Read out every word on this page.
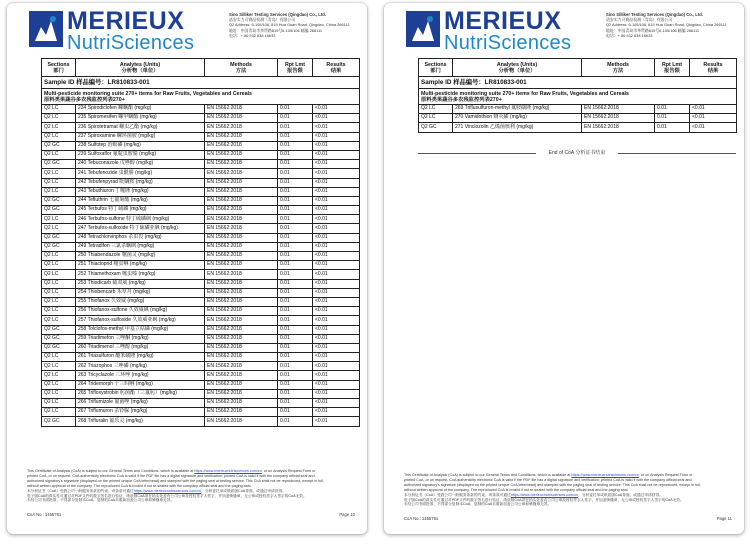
MERIEUX
NutriSciences
Sino Silliker Testing Services (Qingdao) Co., Ltd.
诺安实力可商品检测（青岛）有限公司
Q2 Address: 6-105/106, 819 Hua Guan Road, Qingdao, China 266111
地址：中国青岛市华贯路819号6-105/106 邮编 266111
电话：+ 86 532 838 16633
Sections
部门	Analytes (Units)
分析物（单位）	Methods
方法	Rpt Lmt
报告限	Results
结果
Sample ID 样品编号：LR810833-001				
Multi-pesticide monitoring suite 270+ items for Raw Fruits, Vegetables and Cereals
原料类果蔬谷多农残监控列表270+				
Q2 LC	234 Spirodiclofen 螺螨酯 (mg/kg)	EN 15662:2018	0.01	<0.01
Q2 LC	235 Spiromesifen 螺甲螨酯 (mg/kg)	EN 15662:2018	0.01	<0.01
Q2 LC	236 Spirotetramat 螺虫乙酯 (mg/kg)	EN 15662:2018	0.01	<0.01
Q2 LC	237 Spiroxamine 螺环菌胺 (mg/kg)	EN 15662:2018	0.01	<0.01
Q2 GC	238 Sulfotep 治螟磷 (mg/kg)	EN 15662:2018	0.01	<0.01
Q2 LC	239 Sulfoxaflor 氟啶虫胺腈 (mg/kg)	EN 15662:2018	0.01	<0.01
Q2 GC	240 Tebuconazole 戊唑醇 (mg/kg)	EN 15662:2018	0.01	<0.01
Q2 LC	241 Tebufenozide 虫酰肼 (mg/kg)	EN 15662:2018	0.01	<0.01
Q2 LC	242 Tebufenpyrad 吡螨胺 (mg/kg)	EN 15662:2018	0.01	<0.01
Q2 LC	243 Tebuthiuron 丁噻隆 (mg/kg)	EN 15662:2018	0.01	<0.01
Q2 GC	244 Tefluthrin 七氟菊酯 (mg/kg)	EN 15662:2018	0.01	<0.01
Q2 GC	245 Terbufos 特丁硫磷 (mg/kg)	EN 15662:2018	0.01	<0.01
Q2 LC	246 Terbufos-sulfone 特丁硫磷砜 (mg/kg)	EN 15662:2018	0.01	<0.01
Q2 LC	247 Terbufos-sulfoxide 特丁硫磷亚砜 (mg/kg)	EN 15662:2018	0.01	<0.01
Q2 GC	248 Tetrachlorvinphos 杀虫畏 (mg/kg)	EN 15662:2018	0.01	<0.01
Q2 GC	249 Tetradifon 三氯杀螨砜 (mg/kg)	EN 15662:2018	0.01	<0.01
Q2 LC	250 Thiabendazole 噻菌灵 (mg/kg)	EN 15662:2018	0.01	<0.01
Q2 LC	251 Thiacloprid 噻虫啉 (mg/kg)	EN 15662:2018	0.01	<0.01
Q2 LC	252 Thiamethoxam 噻虫嗪 (mg/kg)	EN 15662:2018	0.01	<0.01
Q2 LC	253 Thiodicarb 硫双威 (mg/kg)	EN 15662:2018	0.01	<0.01
Q2 LC	254 Thiobencarb 禾草丹 (mg/kg)	EN 15662:2018	0.01	<0.01
Q2 LC	255 Thiofanox 久效威 (mg/kg)	EN 15662:2018	0.01	<0.01
Q2 LC	256 Thiofanox-sulfone 久效威砜 (mg/kg)	EN 15662:2018	0.01	<0.01
Q2 LC	257 Thiofanox-sulfoxide 久效威亚砜 (mg/kg)	EN 15662:2018	0.01	<0.01
Q2 GC	258 Tolclofos-methyl 甲基立枯磷 (mg/kg)	EN 15662:2018	0.01	<0.01
Q2 GC	259 Triadimefon 三唑酮 (mg/kg)	EN 15662:2018	0.01	<0.01
Q2 GC	260 Triadimenol 三唑醇 (mg/kg)	EN 15662:2018	0.01	<0.01
Q2 LC	261 Triasulfuron 醚苯磺隆 (mg/kg)	EN 15662:2018	0.01	<0.01
Q2 LC	262 Triazophos 三唑磷 (mg/kg)	EN 15662:2018	0.01	<0.01
Q2 LC	263 Tricyclazole 三环唑 (mg/kg)	EN 15662:2018	0.01	<0.01
Q2 LC	264 Tridemorph 十三吗啉 (mg/kg)	EN 15662:2018	0.01	<0.01
Q2 LC	265 Trifloxystrobin 肟菌酯（三氟肟）(mg/kg)	EN 15662:2018	0.01	<0.01
Q2 LC	266 Triflumizole 氟菌唑 (mg/kg)	EN 15662:2018	0.01	<0.01
Q2 LC	267 Triflumuron 杀铃脲 (mg/kg)	EN 15662:2018	0.01	<0.01
Q2 GC	268 Trifluralin 氟乐灵 (mg/kg)	EN 15662:2018	0.01	<0.01
This Certificate of Analysis (CoA) is subject to our General Terms and Conditions, which is available at https://www.merieuxnutrisciences.com/cn, or on Analysis Request Form or
printed CoA, or on request. CoA authenticity electronic CoA is valid if the PDF file has a digital signature and verification; printed CoA is valid if with the company official seal and
authorized signatory's signature (displayed on the printed unique CoA letterhead) and stamped with the paging seal of testing service. This CoA shall not be reproduced, except in full,
without written approval of the company. The reproduced CoA is invalid if not re-sealed with the company official seal and the paging seal.
本分析证书（CoA）受我公司一般服务条款的约束，该条款可通过https://www.merieuxnutrisciences.com/cn，分析委托单或纸质版CoA背面，或通过申请获得。
电子版CoA的真实性可通过对PDF文件的数字签名进行验证，纸质版CoA须在抬头处盖有公司公章及授权签字人签字，并加盖骑缝章，无公章或授权签字人签字的CoA无效。
未经公司书面批准，不得部分复制本CoA，复制的CoA未重新加盖公司公章和骑缝章无效。
CoA No.: 1455761	Page 10
MERIEUX
NutriSciences
Sino Silliker Testing Services (Qingdao) Co., Ltd.
诺安实力可商品检测（青岛）有限公司
Q2 Address: 6-105/106, 819 Hua Guan Road, Qingdao, China 266111
地址：中国青岛市华贯路819号6-105/106 邮编 266111
电话：+ 86 532 838 16633
Sections
部门	Analytes (Units)
分析物（单位）	Methods
方法	Rpt Lmt
报告限	Results
结果
Sample ID 样品编号：LR810833-001				
Multi-pesticide monitoring suite 270+ items for Raw Fruits, Vegetables and Cereals
原料类果蔬谷多农残监控列表270+				
Q2 LC	269 Triflusulfuron-methyl 氟胺磺隆 (mg/kg)	EN 15662:2018	0.01	<0.01
Q2 LC	270 Vamidothion 蚜灭磷 (mg/kg)	EN 15662:2018	0.01	<0.01
Q2 GC	271 Vinclozolin 乙烯菌核利 (mg/kg)	EN 15662:2018	0.01	<0.01
End of CoA 分析证书结束
This Certificate of Analysis (CoA) is subject to our General Terms and Conditions, which is available at https://www.merieuxnutrisciences.com/cn, or on Analysis Request Form or
printed CoA, or on request. CoA authenticity electronic CoA is valid if the PDF file has a digital signature and verification; printed CoA is valid if with the company official seal and
authorized signatory's signature (displayed on the printed unique CoA letterhead) and stamped with the paging seal of testing service. This CoA shall not be reproduced, except in full,
without written approval of the company. The reproduced CoA is invalid if not re-sealed with the company official seal and the paging seal.
本分析证书（CoA）受我公司一般服务条款的约束，该条款可通过https://www.merieuxnutrisciences.com/cn，分析委托单或纸质版CoA背面，或通过申请获得。
电子版CoA的真实性可通过对PDF文件的数字签名进行验证，纸质版CoA须在抬头处盖有公司公章及授权签字人签字，并加盖骑缝章，无公章或授权签字人签字的CoA无效。
未经公司书面批准，不得部分复制本CoA，复制的CoA未重新加盖公司公章和骑缝章无效。
CoA No.: 1455761	Page 11
